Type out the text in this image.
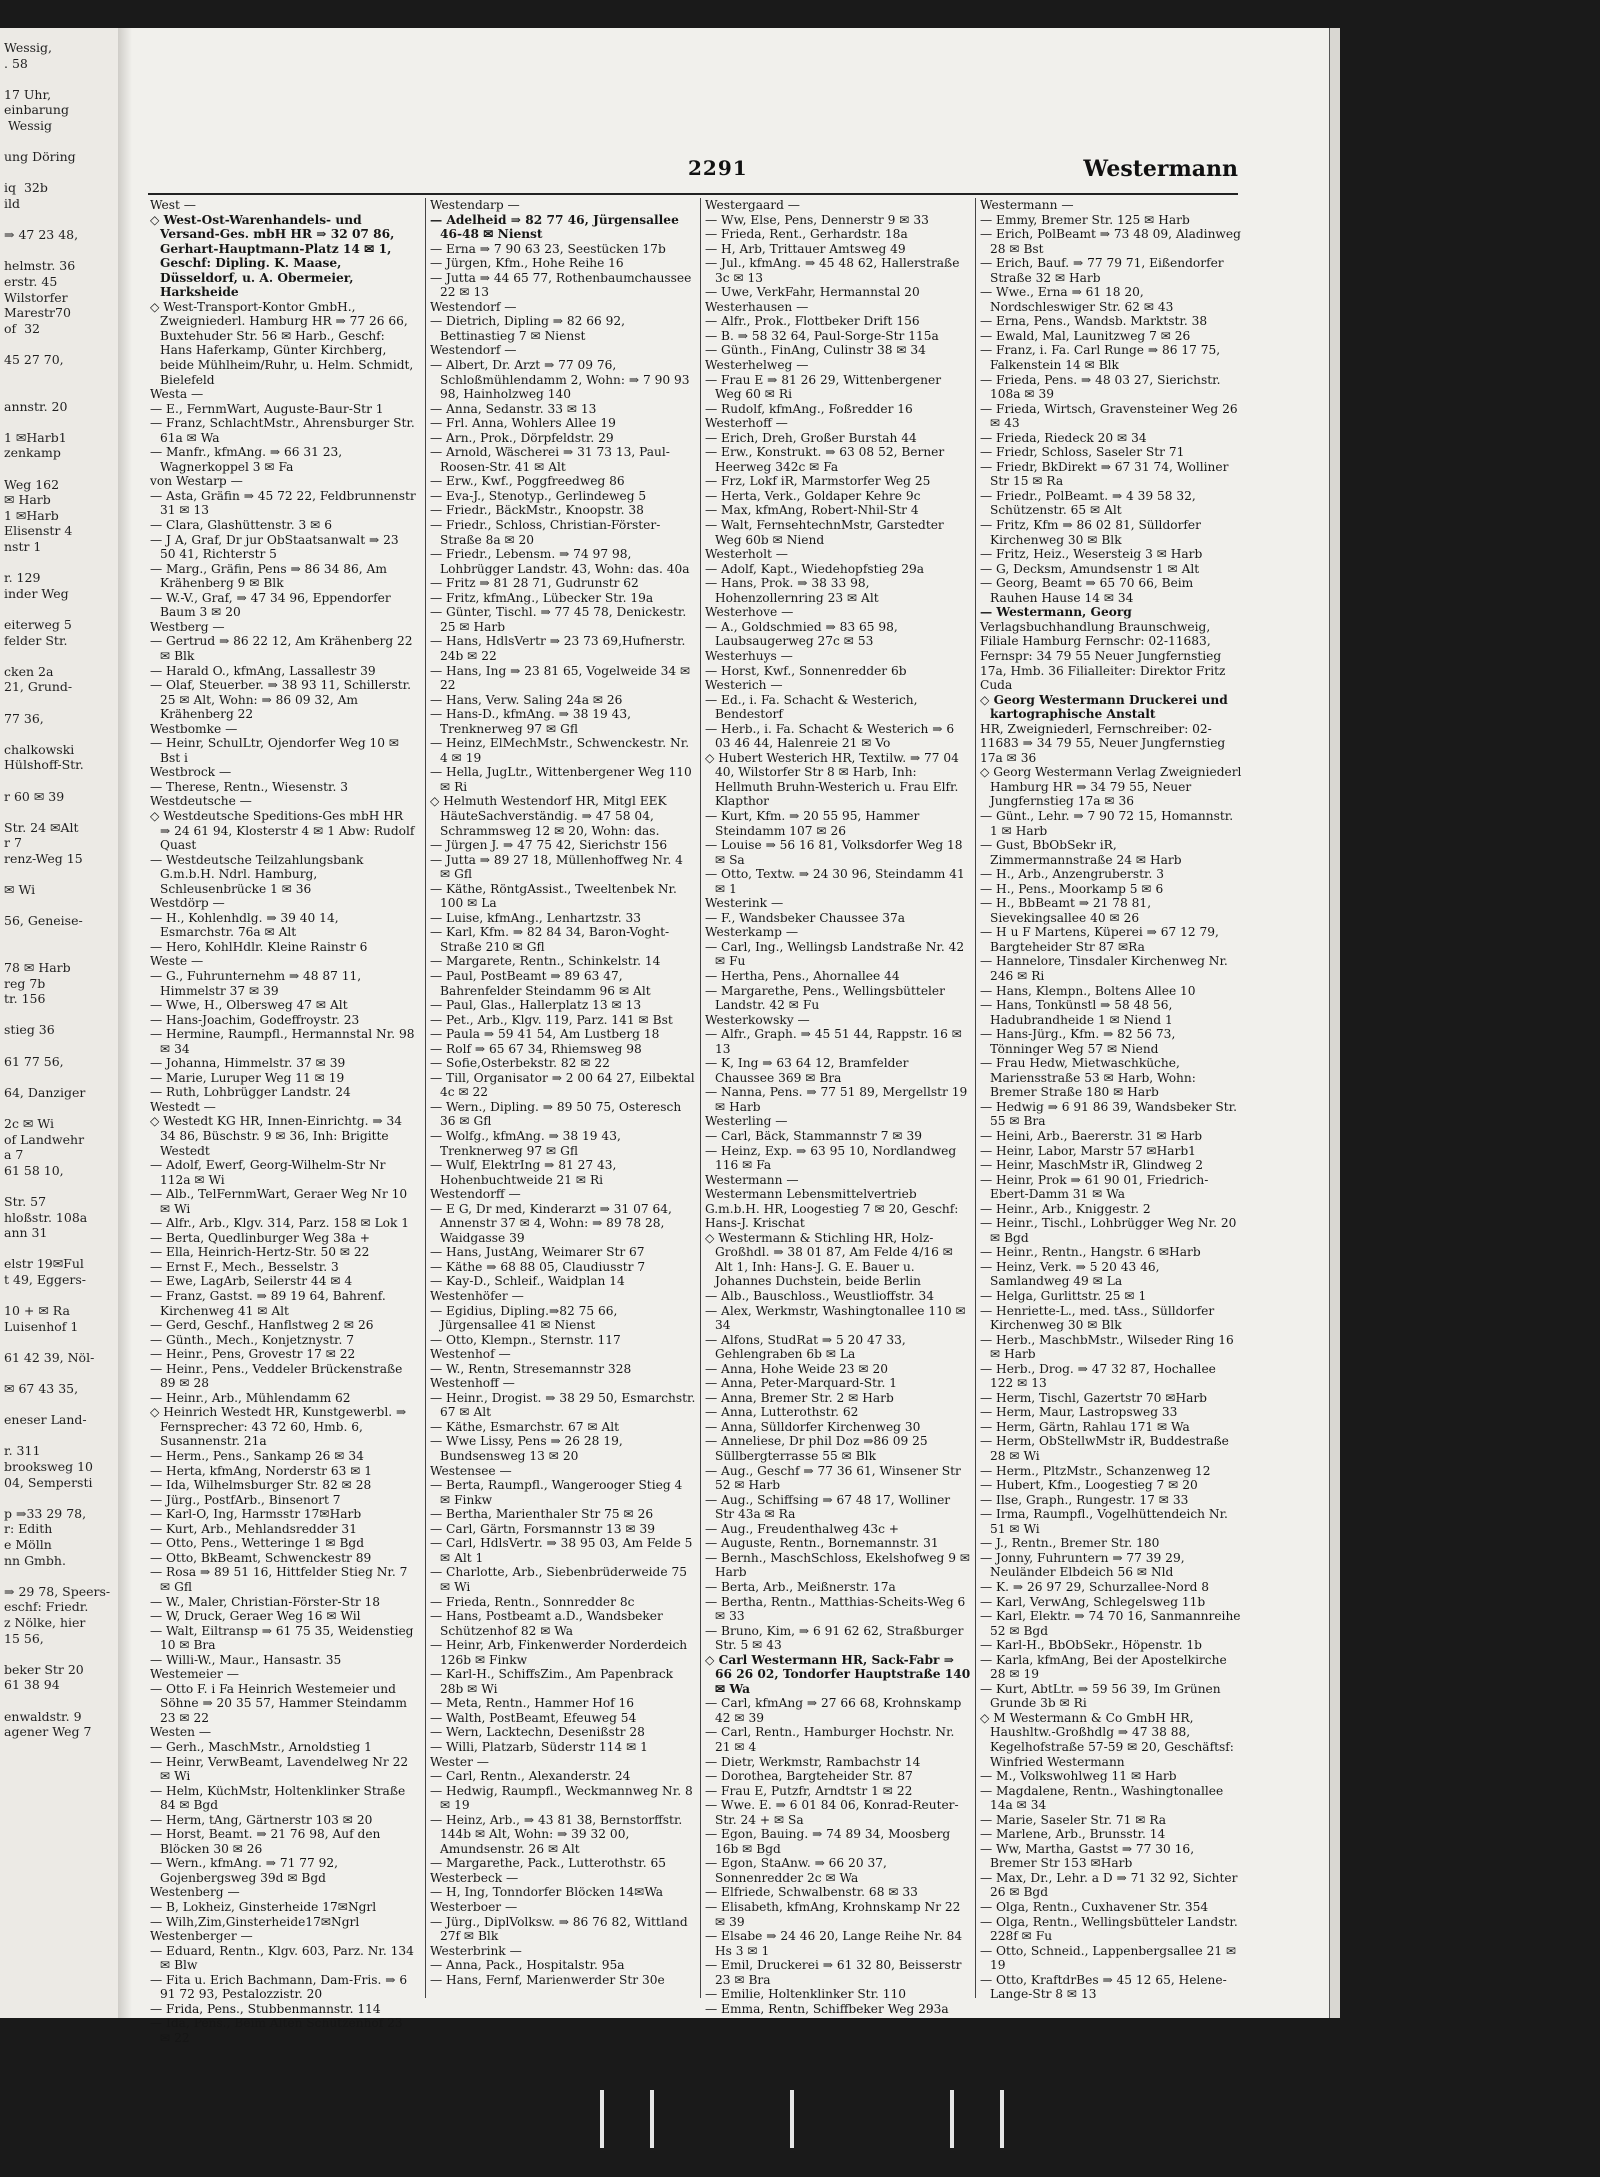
Wessig,
. 58

17 Uhr,
einbarung
Wessig

ung Döring

iq  32b
ild

⇒ 47 23 48,

helmstr. 36
erstr. 45
Wilstorfer
Marestr70
of  32

45 27 70,

annstr. 20

1 ✉Harb1
zenkamp

Weg 162
✉ Harb
1 ✉Harb
Elisenstr 4
nstr 1

r. 129
inder Weg

eiterweg 5
felder Str.

cken 2a
21, Grund-

77 36,

chalkowski
Hülshoff-Str.

r 60 ✉ 39

Str. 24 ✉Alt
r 7
renz-Weg 15

✉ Wi

56, Geneise-

78 ✉ Harb
reg 7b
tr. 156

stieg 36

61 77 56,

64, Danziger

2c ✉ Wi
of Landwehr
a 7
61 58 10,

Str. 57
hloßstr. 108a
ann 31

elstr 19✉Ful
t 49, Eggers-

10 + ✉ Ra
Luisenhof 1

61 42 39, Nöl-

✉ 67 43 35,

eneser Land-

r. 311
brooksweg 10
04, Sempersti

p ⇒33 29 78,
r: Edith
e Mölln
nn Gmbh.

⇒ 29 78, Speers-
eschf: Friedr.
z Nölke, hier
15 56,

beker Str 20
61 38 94

enwaldstr. 9
agener Weg 7
2291	Westermann

West —

◇ West-Ost-Warenhandels- und Versand-Ges. mbH HR ⇒ 32 07 86, Gerhart-Hauptmann-Platz 14 ✉ 1, Geschf: Dipling. K. Maase, Düsseldorf, u. A. Obermeier, Harksheide

◇ West-Transport-Kontor GmbH., Zweigniederl. Hamburg HR ⇒ 77 26 66, Buxtehuder Str. 56 ✉ Harb., Geschf: Hans Haferkamp, Günter Kirchberg, beide Mühlheim/Ruhr, u. Helm. Schmidt, Bielefeld

Westa —

— E., FernmWart, Auguste-Baur-Str 1

— Franz, SchlachtMstr., Ahrensburger Str. 61a ✉ Wa

— Manfr., kfmAng. ⇒ 66 31 23, Wagnerkoppel 3 ✉ Fa

von Westarp —

— Asta, Gräfin ⇒ 45 72 22, Feldbrunnenstr 31 ✉ 13

— Clara, Glashüttenstr. 3 ✉ 6

— J A, Graf, Dr jur ObStaatsanwalt ⇒ 23 50 41, Richterstr 5

— Marg., Gräfin, Pens ⇒ 86 34 86, Am Krähenberg 9 ✉ Blk

— W.-V., Graf, ⇒ 47 34 96, Eppendorfer Baum 3 ✉ 20

Westberg —

— Gertrud ⇒ 86 22 12, Am Krähenberg 22 ✉ Blk

— Harald O., kfmAng, Lassallestr 39

— Olaf, Steuerber. ⇒ 38 93 11, Schillerstr. 25 ✉ Alt, Wohn: ⇒ 86 09 32, Am Krähenberg 22

Westbomke —

— Heinr, SchulLtr, Ojendorfer Weg 10 ✉ Bst i

Westbrock —

— Therese, Rentn., Wiesenstr. 3

Westdeutsche —

◇ Westdeutsche Speditions-Ges mbH HR ⇒ 24 61 94, Klosterstr 4 ✉ 1 Abw: Rudolf Quast

— Westdeutsche Teilzahlungsbank G.m.b.H. Ndrl. Hamburg, Schleusenbrücke 1 ✉ 36

Westdörp —

— H., Kohlenhdlg. ⇒ 39 40 14, Esmarchstr. 76a ✉ Alt

— Hero, KohlHdlr. Kleine Rainstr 6

Weste —

— G., Fuhrunternehm ⇒ 48 87 11, Himmelstr 37 ✉ 39

— Wwe, H., Olbersweg 47 ✉ Alt

— Hans-Joachim, Godeffroystr. 23

— Hermine, Raumpfl., Hermannstal Nr. 98 ✉ 34

— Johanna, Himmelstr. 37 ✉ 39

— Marie, Luruper Weg 11 ✉ 19

— Ruth, Lohbrügger Landstr. 24

Westedt —

◇ Westedt KG HR, Innen-Einrichtg. ⇒ 34 34 86, Büschstr. 9 ✉ 36, Inh: Brigitte Westedt

— Adolf, Ewerf, Georg-Wilhelm-Str Nr 112a ✉ Wi

— Alb., TelFernmWart, Geraer Weg Nr 10 ✉ Wi

— Alfr., Arb., Klgv. 314, Parz. 158 ✉ Lok 1

— Berta, Quedlinburger Weg 38a +

— Ella, Heinrich-Hertz-Str. 50 ✉ 22

— Ernst F., Mech., Besselstr. 3

— Ewe, LagArb, Seilerstr 44 ✉ 4

— Franz, Gastst. ⇒ 89 19 64, Bahrenf. Kirchenweg 41 ✉ Alt

— Gerd, Geschf., Hanflstweg 2 ✉ 26

— Günth., Mech., Konjetznystr. 7

— Heinr., Pens, Grovestr 17 ✉ 22

— Heinr., Pens., Veddeler Brückenstraße 89 ✉ 28

— Heinr., Arb., Mühlendamm 62

◇ Heinrich Westedt HR, Kunstgewerbl. ⇒ Fernsprecher: 43 72 60, Hmb. 6, Susannenstr. 21a

— Herm., Pens., Sankamp 26 ✉ 34

— Herta, kfmAng, Norderstr 63 ✉ 1

— Ida, Wilhelmsburger Str. 82 ✉ 28

— Jürg., PostfArb., Binsenort 7

— Karl-O, Ing, Harmsstr 17✉Harb

— Kurt, Arb., Mehlandsredder 31

— Otto, Pens., Wetteringe 1 ✉ Bgd

— Otto, BkBeamt, Schwenckestr 89

— Rosa ⇒ 89 51 16, Hittfelder Stieg Nr. 7 ✉ Gfl

— W., Maler, Christian-Förster-Str 18

— W, Druck, Geraer Weg 16 ✉ Wil

— Walt, Eiltransp ⇒ 61 75 35, Weidenstieg 10 ✉ Bra

— Willi-W., Maur., Hansastr. 35

Westemeier —

— Otto F. i Fa Heinrich Westemeier und Söhne ⇒ 20 35 57, Hammer Steindamm 23 ✉ 22

Westen —

— Gerh., MaschMstr., Arnoldstieg 1

— Heinr, VerwBeamt, Lavendelweg Nr 22 ✉ Wi

— Helm, KüchMstr, Holtenklinker Straße 84 ✉ Bgd

— Herm, tAng, Gärtnerstr 103 ✉ 20

— Horst, Beamt. ⇒ 21 76 98, Auf den Blöcken 30 ✉ 26

— Wern., kfmAng. ⇒ 71 77 92, Gojenbergsweg 39d ✉ Bgd

Westenberg —

— B, Lokheiz, Ginsterheide 17✉Ngrl

— Wilh,Zim,Ginsterheide17✉Ngrl

Westenberger —

— Eduard, Rentn., Klgv. 603, Parz. Nr. 134 ✉ Blw

— Fita u. Erich Bachmann, Dam-Fris. ⇒ 6 91 72 93, Pestalozzistr. 20

— Frida, Pens., Stubbenmannstr. 114

— Ida, Pens., Beim Alten Schützenhof 23 ✉ 22

Westendarp —

— Adelheid ⇒ 82 77 46, Jürgensallee 46-48 ✉ Nienst

— Erna ⇒ 7 90 63 23, Seestücken 17b

— Jürgen, Kfm., Hohe Reihe 16

— Jutta ⇒ 44 65 77, Rothenbaumchaussee 22 ✉ 13

Westendorf —

— Dietrich, Dipling ⇒ 82 66 92, Bettinastieg 7 ✉ Nienst

Westendorf —

— Albert, Dr. Arzt ⇒ 77 09 76, Schloßmühlendamm 2, Wohn: ⇒ 7 90 93 98, Hainholzweg 140

— Anna, Sedanstr. 33 ✉ 13

— Frl. Anna, Wohlers Allee 19

— Arn., Prok., Dörpfeldstr. 29

— Arnold, Wäscherei ⇒ 31 73 13, Paul-Roosen-Str. 41 ✉ Alt

— Erw., Kwf., Poggfreedweg 86

— Eva-J., Stenotyp., Gerlindeweg 5

— Friedr., BäckMstr., Knoopstr. 38

— Friedr., Schloss, Christian-Förster-Straße 8a ✉ 20

— Friedr., Lebensm. ⇒ 74 97 98, Lohbrügger Landstr. 43, Wohn: das. 40a

— Fritz ⇒ 81 28 71, Gudrunstr 62

— Fritz, kfmAng., Lübecker Str. 19a

— Günter, Tischl. ⇒ 77 45 78, Denickestr. 25 ✉ Harb

— Hans, HdlsVertr ⇒ 23 73 69,Hufnerstr. 24b ✉ 22

— Hans, Ing ⇒ 23 81 65, Vogelweide 34 ✉ 22

— Hans, Verw. Saling 24a ✉ 26

— Hans-D., kfmAng. ⇒ 38 19 43, Trenknerweg 97 ✉ Gfl

— Heinz, ElMechMstr., Schwenckestr. Nr. 4 ✉ 19

— Hella, JugLtr., Wittenbergener Weg 110 ✉ Ri

◇ Helmuth Westendorf HR, Mitgl EEK HäuteSachverständig. ⇒ 47 58 04, Schrammsweg 12 ✉ 20, Wohn: das.

— Jürgen J. ⇒ 47 75 42, Sierichstr 156

— Jutta ⇒ 89 27 18, Müllenhoffweg Nr. 4 ✉ Gfl

— Käthe, RöntgAssist., Tweeltenbek Nr. 100 ✉ La

— Luise, kfmAng., Lenhartzstr. 33

— Karl, Kfm. ⇒ 82 84 34, Baron-Voght-Straße 210 ✉ Gfl

— Margarete, Rentn., Schinkelstr. 14

— Paul, PostBeamt ⇒ 89 63 47, Bahrenfelder Steindamm 96 ✉ Alt

— Paul, Glas., Hallerplatz 13 ✉ 13

— Pet., Arb., Klgv. 119, Parz. 141 ✉ Bst

— Paula ⇒ 59 41 54, Am Lustberg 18

— Rolf ⇒ 65 67 34, Rhiemsweg 98

— Sofie,Osterbekstr. 82 ✉ 22

— Till, Organisator ⇒ 2 00 64 27, Eilbektal 4c ✉ 22

— Wern., Dipling. ⇒ 89 50 75, Osteresch 36 ✉ Gfl

— Wolfg., kfmAng. ⇒ 38 19 43, Trenknerweg 97 ✉ Gfl

— Wulf, ElektrIng ⇒ 81 27 43, Hohenbuchtweide 21 ✉ Ri

Westendorff —

— E G, Dr med, Kinderarzt ⇒ 31 07 64, Annenstr 37 ✉ 4, Wohn: ⇒ 89 78 28, Waidgasse 39

— Hans, JustAng, Weimarer Str 67

— Käthe ⇒ 68 88 05, Claudiusstr 7

— Kay-D., Schleif., Waidplan 14

Westenhöfer —

— Egidius, Dipling.⇒82 75 66, Jürgensallee 41 ✉ Nienst

— Otto, Klempn., Sternstr. 117

Westenhof —

— W., Rentn, Stresemannstr 328

Westenhoff —

— Heinr., Drogist. ⇒ 38 29 50, Esmarchstr. 67 ✉ Alt

— Käthe, Esmarchstr. 67 ✉ Alt

— Wwe Lissy, Pens ⇒ 26 28 19, Bundsensweg 13 ✉ 20

Westensee —

— Berta, Raumpfl., Wangerooger Stieg 4 ✉ Finkw

— Bertha, Marienthaler Str 75 ✉ 26

— Carl, Gärtn, Forsmannstr 13 ✉ 39

— Carl, HdlsVertr. ⇒ 38 95 03, Am Felde 5 ✉ Alt 1

— Charlotte, Arb., Siebenbrüderweide 75 ✉ Wi

— Frieda, Rentn., Sonnredder 8c

— Hans, Postbeamt a.D., Wandsbeker Schützenhof 82 ✉ Wa

— Heinr, Arb, Finkenwerder Norderdeich 126b ✉ Finkw

— Karl-H., SchiffsZim., Am Papenbrack 28b ✉ Wi

— Meta, Rentn., Hammer Hof 16

— Walth, PostBeamt, Efeuweg 54

— Wern, Lacktechn, Desenißstr 28

— Willi, Platzarb, Süderstr 114 ✉ 1

Wester —

— Carl, Rentn., Alexanderstr. 24

— Hedwig, Raumpfl., Weckmannweg Nr. 8 ✉ 19

— Heinz, Arb., ⇒ 43 81 38, Bernstorffstr. 144b ✉ Alt, Wohn: ⇒ 39 32 00, Amundsenstr. 26 ✉ Alt

— Margarethe, Pack., Lutterothstr. 65

Westerbeck —

— H, Ing, Tonndorfer Blöcken 14✉Wa

Westerboer —

— Jürg., DiplVolksw. ⇒ 86 76 82, Wittland 27f ✉ Blk

Westerbrink —

— Anna, Pack., Hospitalstr. 95a

— Hans, Fernf, Marienwerder Str 30e

Westergaard —

— Ww, Else, Pens, Dennerstr 9 ✉ 33

— Frieda, Rent., Gerhardstr. 18a

— H, Arb, Trittauer Amtsweg 49

— Jul., kfmAng. ⇒ 45 48 62, Hallerstraße 3c ✉ 13

— Uwe, VerkFahr, Hermannstal 20

Westerhausen —

— Alfr., Prok., Flottbeker Drift 156

— B. ⇒ 58 32 64, Paul-Sorge-Str 115a

— Günth., FinAng, Culinstr 38 ✉ 34

Westerhelweg —

— Frau E ⇒ 81 26 29, Wittenbergener Weg 60 ✉ Ri

— Rudolf, kfmAng., Foßredder 16

Westerhoff —

— Erich, Dreh, Großer Burstah 44

— Erw., Konstrukt. ⇒ 63 08 52, Berner Heerweg 342c ✉ Fa

— Frz, Lokf iR, Marmstorfer Weg 25

— Herta, Verk., Goldaper Kehre 9c

— Max, kfmAng, Robert-Nhil-Str 4

— Walt, FernsehtechnMstr, Garstedter Weg 60b ✉ Niend

Westerholt —

— Adolf, Kapt., Wiedehopfstieg 29a

— Hans, Prok. ⇒ 38 33 98, Hohenzollernring 23 ✉ Alt

Westerhove —

— A., Goldschmied ⇒ 83 65 98, Laubsaugerweg 27c ✉ 53

Westerhuys —

— Horst, Kwf., Sonnenredder 6b

Westerich —

— Ed., i. Fa. Schacht & Westerich, Bendestorf

— Herb., i. Fa. Schacht & Westerich ⇒ 6 03 46 44, Halenreie 21 ✉ Vo

◇ Hubert Westerich HR, Textilw. ⇒ 77 04 40, Wilstorfer Str 8 ✉ Harb, Inh: Hellmuth Bruhn-Westerich u. Frau Elfr. Klapthor

— Kurt, Kfm. ⇒ 20 55 95, Hammer Steindamm 107 ✉ 26

— Louise ⇒ 56 16 81, Volksdorfer Weg 18 ✉ Sa

— Otto, Textw. ⇒ 24 30 96, Steindamm 41 ✉ 1

Westerink —

— F., Wandsbeker Chaussee 37a

Westerkamp —

— Carl, Ing., Wellingsb Landstraße Nr. 42 ✉ Fu

— Hertha, Pens., Ahornallee 44

— Margarethe, Pens., Wellingsbütteler Landstr. 42 ✉ Fu

Westerkowsky —

— Alfr., Graph. ⇒ 45 51 44, Rappstr. 16 ✉ 13

— K, Ing ⇒ 63 64 12, Bramfelder Chaussee 369 ✉ Bra

— Nanna, Pens. ⇒ 77 51 89, Mergellstr 19 ✉ Harb

Westerling —

— Carl, Bäck, Stammannstr 7 ✉ 39

— Heinz, Exp. ⇒ 63 95 10, Nordlandweg 116 ✉ Fa

Westermann —

Westermann Lebensmittelvertrieb G.m.b.H. HR, Loogestieg 7 ✉ 20, Geschf: Hans-J. Krischat

◇ Westermann & Stichling HR, Holz-Großhdl. ⇒ 38 01 87, Am Felde 4/16 ✉ Alt 1, Inh: Hans-J. G. E. Bauer u. Johannes Duchstein, beide Berlin

— Alb., Bauschloss., Weustlioffstr. 34

— Alex, Werkmstr, Washingtonallee 110 ✉ 34

— Alfons, StudRat ⇒ 5 20 47 33, Gehlengraben 6b ✉ La

— Anna, Hohe Weide 23 ✉ 20

— Anna, Peter-Marquard-Str. 1

— Anna, Bremer Str. 2 ✉ Harb

— Anna, Lutterothstr. 62

— Anna, Sülldorfer Kirchenweg 30

— Anneliese, Dr phil Doz ⇒86 09 25 Süllbergterrasse 55 ✉ Blk

— Aug., Geschf ⇒ 77 36 61, Winsener Str 52 ✉ Harb

— Aug., Schiffsing ⇒ 67 48 17, Wolliner Str 43a ✉ Ra

— Aug., Freudenthalweg 43c +

— Auguste, Rentn., Bornemannstr. 31

— Bernh., MaschSchloss, Ekelshofweg 9 ✉ Harb

— Berta, Arb., Meißnerstr. 17a

— Bertha, Rentn., Matthias-Scheits-Weg 6 ✉ 33

— Bruno, Kim, ⇒ 6 91 62 62, Straßburger Str. 5 ✉ 43

◇ Carl Westermann HR, Sack-Fabr ⇒ 66 26 02, Tondorfer Hauptstraße 140 ✉ Wa

— Carl, kfmAng ⇒ 27 66 68, Krohnskamp 42 ✉ 39

— Carl, Rentn., Hamburger Hochstr. Nr. 21 ✉ 4

— Dietr, Werkmstr, Rambachstr 14

— Dorothea, Bargteheider Str. 87

— Frau E, Putzfr, Arndtstr 1 ✉ 22

— Wwe. E. ⇒ 6 01 84 06, Konrad-Reuter-Str. 24 + ✉ Sa

— Egon, Bauing. ⇒ 74 89 34, Moosberg 16b ✉ Bgd

— Egon, StaAnw. ⇒ 66 20 37, Sonnenredder 2c ✉ Wa

— Elfriede, Schwalbenstr. 68 ✉ 33

— Elisabeth, kfmAng, Krohnskamp Nr 22 ✉ 39

— Elsabe ⇒ 24 46 20, Lange Reihe Nr. 84 Hs 3 ✉ 1

— Emil, Druckerei ⇒ 61 32 80, Beisserstr 23 ✉ Bra

— Emilie, Holtenklinker Str. 110

— Emma, Rentn, Schiffbeker Weg 293a

Westermann —

— Emmy, Bremer Str. 125 ✉ Harb

— Erich, PolBeamt ⇒ 73 48 09, Aladinweg 28 ✉ Bst

— Erich, Bauf. ⇒ 77 79 71, Eißendorfer Straße 32 ✉ Harb

— Wwe., Erna ⇒ 61 18 20, Nordschleswiger Str. 62 ✉ 43

— Erna, Pens., Wandsb. Marktstr. 38

— Ewald, Mal, Launitzweg 7 ✉ 26

— Franz, i. Fa. Carl Runge ⇒ 86 17 75, Falkenstein 14 ✉ Blk

— Frieda, Pens. ⇒ 48 03 27, Sierichstr. 108a ✉ 39

— Frieda, Wirtsch, Gravensteiner Weg 26 ✉ 43

— Frieda, Riedeck 20 ✉ 34

— Friedr, Schloss, Saseler Str 71

— Friedr, BkDirekt ⇒ 67 31 74, Wolliner Str 15 ✉ Ra

— Friedr., PolBeamt. ⇒ 4 39 58 32, Schützenstr. 65 ✉ Alt

— Fritz, Kfm ⇒ 86 02 81, Sülldorfer Kirchenweg 30 ✉ Blk

— Fritz, Heiz., Wesersteig 3 ✉ Harb

— G, Decksm, Amundsenstr 1 ✉ Alt

— Georg, Beamt ⇒ 65 70 66, Beim Rauhen Hause 14 ✉ 34

— Westermann, Georg

Verlagsbuchhandlung Braunschweig, Filiale Hamburg Fernschr: 02-11683, Fernspr: 34 79 55 Neuer Jungfernstieg 17a, Hmb. 36 Filialleiter: Direktor Fritz Cuda

◇ Georg Westermann Druckerei und kartographische Anstalt

HR, Zweigniederl, Fernschreiber: 02-11683 ⇒ 34 79 55, Neuer Jungfernstieg 17a ✉ 36

◇ Georg Westermann Verlag Zweigniederl Hamburg HR ⇒ 34 79 55, Neuer Jungfernstieg 17a ✉ 36

— Günt., Lehr. ⇒ 7 90 72 15, Homannstr. 1 ✉ Harb

— Gust, BbObSekr iR, Zimmermannstraße 24 ✉ Harb

— H., Arb., Anzengruberstr. 3

— H., Pens., Moorkamp 5 ✉ 6

— H., BbBeamt ⇒ 21 78 81, Sievekingsallee 40 ✉ 26

— H u F Martens, Küperei ⇒ 67 12 79, Bargteheider Str 87 ✉Ra

— Hannelore, Tinsdaler Kirchenweg Nr. 246 ✉ Ri

— Hans, Klempn., Boltens Allee 10

— Hans, Tonkünstl ⇒ 58 48 56, Hadubrandheide 1 ✉ Niend 1

— Hans-Jürg., Kfm. ⇒ 82 56 73, Tönninger Weg 57 ✉ Niend

— Frau Hedw, Mietwaschküche, Mariensstraße 53 ✉ Harb, Wohn: Bremer Straße 180 ✉ Harb

— Hedwig ⇒ 6 91 86 39, Wandsbeker Str. 55 ✉ Bra

— Heini, Arb., Baererstr. 31 ✉ Harb

— Heinr, Labor, Marstr 57 ✉Harb1

— Heinr, MaschMstr iR, Glindweg 2

— Heinr, Prok ⇒ 61 90 01, Friedrich-Ebert-Damm 31 ✉ Wa

— Heinr., Arb., Kniggestr. 2

— Heinr., Tischl., Lohbrügger Weg Nr. 20 ✉ Bgd

— Heinr., Rentn., Hangstr. 6 ✉Harb

— Heinz, Verk. ⇒ 5 20 43 46, Samlandweg 49 ✉ La

— Helga, Gurlittstr. 25 ✉ 1

— Henriette-L., med. tAss., Sülldorfer Kirchenweg 30 ✉ Blk

— Herb., MaschbMstr., Wilseder Ring 16 ✉ Harb

— Herb., Drog. ⇒ 47 32 87, Hochallee 122 ✉ 13

— Herm, Tischl, Gazertstr 70 ✉Harb

— Herm, Maur, Lastropsweg 33

— Herm, Gärtn, Rahlau 171 ✉ Wa

— Herm, ObStellwMstr iR, Buddestraße 28 ✉ Wi

— Herm., PltzMstr., Schanzenweg 12

— Hubert, Kfm., Loogestieg 7 ✉ 20

— Ilse, Graph., Rungestr. 17 ✉ 33

— Irma, Raumpfl., Vogelhüttendeich Nr. 51 ✉ Wi

— J., Rentn., Bremer Str. 180

— Jonny, Fuhruntern ⇒ 77 39 29, Neuländer Elbdeich 56 ✉ Nld

— K. ⇒ 26 97 29, Schurzallee-Nord 8

— Karl, VerwAng, Schlegelsweg 11b

— Karl, Elektr. ⇒ 74 70 16, Sanmannreihe 52 ✉ Bgd

— Karl-H., BbObSekr., Höpenstr. 1b

— Karla, kfmAng, Bei der Apostelkirche 28 ✉ 19

— Kurt, AbtLtr. ⇒ 59 56 39, Im Grünen Grunde 3b ✉ Ri

◇ M Westermann & Co GmbH HR, Haushltw.-Großhdlg ⇒ 47 38 88, Kegelhofstraße 57-59 ✉ 20, Geschäftsf: Winfried Westermann

— M., Volkswohlweg 11 ✉ Harb

— Magdalene, Rentn., Washingtonallee 14a ✉ 34

— Marie, Saseler Str. 71 ✉ Ra

— Marlene, Arb., Brunsstr. 14

— Ww, Martha, Gastst ⇒ 77 30 16, Bremer Str 153 ✉Harb

— Max, Dr., Lehr. a D ⇒ 71 32 92, Sichter 26 ✉ Bgd

— Olga, Rentn., Cuxhavener Str. 354

— Olga, Rentn., Wellingsbütteler Landstr. 228f ✉ Fu

— Otto, Schneid., Lappenbergsallee 21 ✉ 19

— Otto, KraftdrBes ⇒ 45 12 65, Helene-Lange-Str 8 ✉ 13
